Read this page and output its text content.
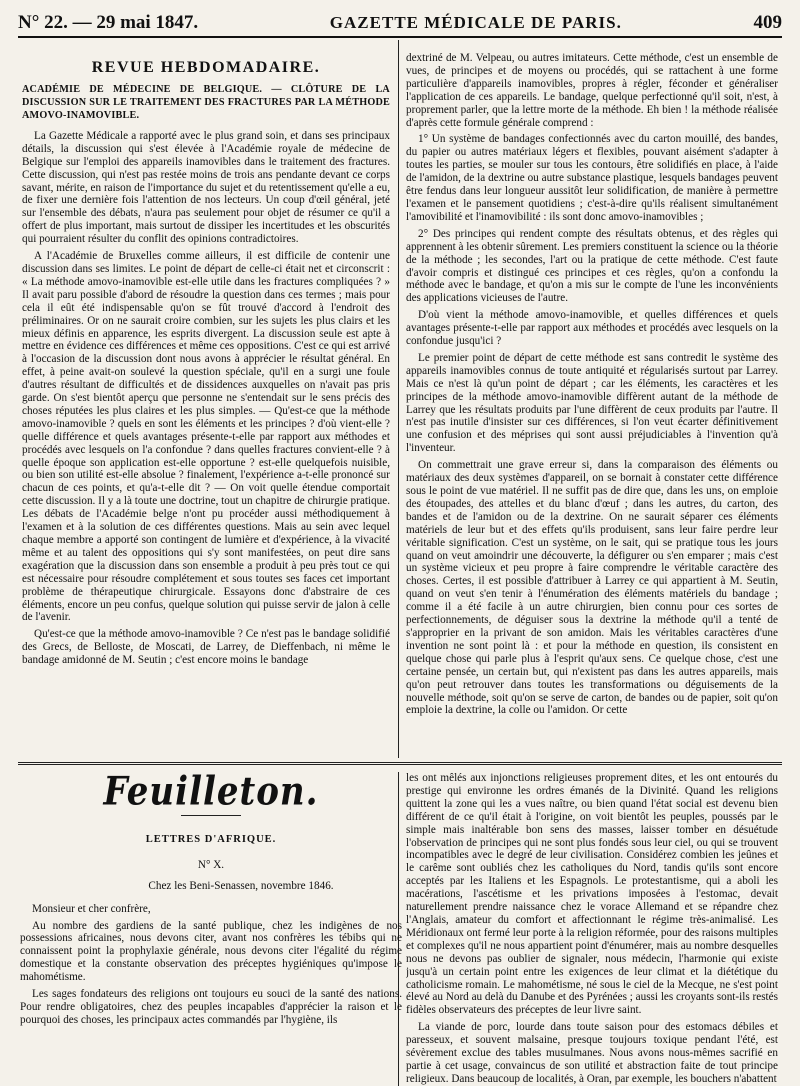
N° 22. — 29 mai 1847.	GAZETTE MÉDICALE DE PARIS.	409
REVUE HEBDOMADAIRE.

ACADÉMIE DE MÉDECINE DE BELGIQUE. — CLÔTURE DE LA DISCUSSION SUR LE TRAITEMENT DES FRACTURES PAR LA MÉTHODE AMOVO-INAMOVIBLE.

La Gazette Médicale a rapporté avec le plus grand soin, et dans ses principaux détails, la discussion qui s'est élevée à l'Académie royale de médecine de Belgique sur l'emploi des appareils inamovibles dans le traitement des fractures. Cette discussion, qui n'est pas restée moins de trois ans pendante devant ce corps savant, mérite, en raison de l'importance du sujet et du retentissement qu'elle a eu, de fixer une dernière fois l'attention de nos lecteurs. Un coup d'œil général, jeté sur l'ensemble des débats, n'aura pas seulement pour objet de résumer ce qu'il a offert de plus important, mais surtout de dissiper les incertitudes et les obscurités qui pourraient résulter du conflit des opinions contradictoires.

A l'Académie de Bruxelles comme ailleurs, il est difficile de contenir une discussion dans ses limites. Le point de départ de celle-ci était net et circonscrit : « La méthode amovo-inamovible est-elle utile dans les fractures compliquées ? » Il avait paru possible d'abord de résoudre la question dans ces termes ; mais pour cela il eût été indispensable qu'on se fût trouvé d'accord à l'endroit des préliminaires. Or on ne saurait croire combien, sur les sujets les plus clairs et les mieux définis en apparence, les esprits divergent. La discussion seule est apte à mettre en évidence ces différences et même ces oppositions. C'est ce qui est arrivé à l'occasion de la discussion dont nous avons à apprécier le résultat général. En effet, à peine avait-on soulevé la question spéciale, qu'il en a surgi une foule d'autres résultant de difficultés et de dissidences auxquelles on n'avait pas pris garde. On s'est bientôt aperçu que personne ne s'entendait sur le sens précis des choses réputées les plus claires et les plus simples. — Qu'est-ce que la méthode amovo-inamovible ? quels en sont les éléments et les principes ? d'où vient-elle ? quelle différence et quels avantages présente-t-elle par rapport aux méthodes et procédés avec lesquels on l'a confondue ? dans quelles fractures convient-elle ? à quelle époque son application est-elle opportune ? est-elle quelquefois nuisible, ou bien son utilité est-elle absolue ? finalement, l'expérience a-t-elle prononcé sur chacun de ces points, et qu'a-t-elle dit ? — On voit quelle étendue comportait cette discussion. Il y a là toute une doctrine, tout un chapitre de chirurgie pratique. Les débats de l'Académie belge n'ont pu procéder aussi méthodiquement à l'examen et à la solution de ces différentes questions. Mais au sein avec lequel chaque membre a apporté son contingent de lumière et d'expérience, à la vivacité même et au talent des oppositions qui s'y sont manifestées, on peut dire sans exagération que la discussion dans son ensemble a produit à peu près tout ce qui est nécessaire pour résoudre complétement et sous toutes ses faces cet important problème de thérapeutique chirurgicale. Essayons donc d'abstraire de ces éléments, encore un peu confus, quelque solution qui puisse servir de jalon à celle de l'avenir.

Qu'est-ce que la méthode amovo-inamovible ? Ce n'est pas le bandage solidifié des Grecs, de Belloste, de Moscati, de Larrey, de Dieffenbach, ni même le bandage amidonné de M. Seutin ; c'est encore moins le bandage

dextriné de M. Velpeau, ou autres imitateurs. Cette méthode, c'est un ensemble de vues, de principes et de moyens ou procédés, qui se rattachent à une forme particulière d'appareils inamovibles, propres à régler, féconder et généraliser l'application de ces appareils. Le bandage, quelque perfectionné qu'il soit, n'est, à proprement parler, que la lettre morte de la méthode. Eh bien ! la méthode réalisée d'après cette formule générale comprend :

1° Un système de bandages confectionnés avec du carton mouillé, des bandes, du papier ou autres matériaux légers et flexibles, pouvant aisément s'adapter à toutes les parties, se mouler sur tous les contours, être solidifiés en place, à l'aide de l'amidon, de la dextrine ou autre substance plastique, lesquels bandages peuvent être fendus dans leur longueur aussitôt leur solidification, de manière à permettre l'examen et le pansement quotidiens ; c'est-à-dire qu'ils réalisent simultanément l'amovibilité et l'inamovibilité : ils sont donc amovo-inamovibles ;

2° Des principes qui rendent compte des résultats obtenus, et des règles qui apprennent à les obtenir sûrement. Les premiers constituent la science ou la théorie de la méthode ; les secondes, l'art ou la pratique de cette méthode. C'est faute d'avoir compris et distingué ces principes et ces règles, qu'on a confondu la méthode avec le bandage, et qu'on a mis sur le compte de l'une les inconvénients des applications vicieuses de l'autre.

D'où vient la méthode amovo-inamovible, et quelles différences et quels avantages présente-t-elle par rapport aux méthodes et procédés avec lesquels on la confondue jusqu'ici ?

Le premier point de départ de cette méthode est sans contredit le système des appareils inamovibles connus de toute antiquité et régularisés surtout par Larrey. Mais ce n'est là qu'un point de départ ; car les éléments, les caractères et les principes de la méthode amovo-inamovible diffèrent autant de la méthode de Larrey que les résultats produits par l'une diffèrent de ceux produits par l'autre. Il n'est pas inutile d'insister sur ces différences, si l'on veut écarter définitivement une confusion et des méprises qui sont aussi préjudiciables à l'invention qu'à l'inventeur.

On commettrait une grave erreur si, dans la comparaison des éléments ou matériaux des deux systèmes d'appareil, on se bornait à constater cette différence sous le point de vue matériel. Il ne suffit pas de dire que, dans les uns, on emploie des étoupades, des attelles et du blanc d'œuf ; dans les autres, du carton, des bandes et de l'amidon ou de la dextrine. On ne saurait séparer ces éléments matériels de leur but et des effets qu'ils produisent, sans leur faire perdre leur véritable signification. C'est un système, on le sait, qui se pratique tous les jours quand on veut amoindrir une découverte, la défigurer ou s'en emparer ; mais c'est un système vicieux et peu propre à faire comprendre le véritable caractère des choses. Certes, il est possible d'attribuer à Larrey ce qui appartient à M. Seutin, quand on veut s'en tenir à l'énumération des éléments matériels du bandage ; comme il a été facile à un autre chirurgien, bien connu pour ces sortes de perfectionnements, de déguiser sous la dextrine la méthode qu'il a tenté de s'approprier en la privant de son amidon. Mais les véritables caractères d'une invention ne sont point là : et pour la méthode en question, ils consistent en quelque chose qui parle plus à l'esprit qu'aux sens. Ce quelque chose, c'est une certaine pensée, un certain but, qui n'existent pas dans les autres appareils, mais qu'on peut retrouver dans toutes les transformations ou déguisements de la nouvelle méthode, soit qu'on se serve de carton, de bandes ou de papier, soit qu'on emploie la dextrine, la colle ou l'amidon. Or cette

Feuilleton.

LETTRES D'AFRIQUE.

N° X.

Chez les Beni-Senassen, novembre 1846.

Monsieur et cher confrère,

Au nombre des gardiens de la santé publique, chez les indigènes de nos possessions africaines, nous devons citer, avant nos confrères les tébibs qui ne connaissent point la prophylaxie générale, nous devons citer l'égalité du régime domestique et la constante observation des préceptes hygiéniques qu'impose le mahométisme.

Les sages fondateurs des religions ont toujours eu souci de la santé des nations. Pour rendre obligatoires, chez des peuples incapables d'apprécier la raison et le pourquoi des choses, les principaux actes commandés par l'hygiène, ils

les ont mêlés aux injonctions religieuses proprement dites, et les ont entourés du prestige qui environne les ordres émanés de la Divinité. Quand les religions quittent la zone qui les a vues naître, ou bien quand l'état social est devenu bien différent de ce qu'il était à l'origine, on voit bientôt les peuples, poussés par le simple mais inaltérable bon sens des masses, laisser tomber en désuétude l'observation de principes qui ne sont plus fondés sous leur ciel, ou qui se trouvent incompatibles avec le degré de leur civilisation. Considérez combien les jeûnes et le carême sont oubliés chez les catholiques du Nord, tandis qu'ils sont encore acceptés par les Italiens et les Espagnols. Le protestantisme, qui a aboli les macérations, l'ascétisme et les privations imposées à l'estomac, devait naturellement prendre naissance chez le vorace Allemand et se répandre chez l'Anglais, amateur du comfort et affectionnant le régime très-animalisé. Les Méridionaux ont fermé leur porte à la religion réformée, pour des raisons multiples et complexes qu'il ne nous appartient point d'énumérer, mais au nombre desquelles nous ne devons pas oublier de signaler, nous médecin, l'harmonie qui existe jusqu'à un certain point entre les exigences de leur climat et la diététique du catholicisme romain. Le mahométisme, né sous le ciel de la Mecque, ne s'est point élevé au Nord au delà du Danube et des Pyrénées ; aussi les croyants sont-ils restés fidèles observateurs des préceptes de leur livre saint.

La viande de porc, lourde dans toute saison pour des estomacs débiles et paresseux, et souvent malsaine, presque toujours toxique pendant l'été, est sévèrement exclue des tables musulmanes. Nous avons nous-mêmes sacrifié en partie à cet usage, convaincus de son utilité et abstraction faite de tout principe religieux. Dans beaucoup de localités, à Oran, par exemple, les bouchers n'abattent
